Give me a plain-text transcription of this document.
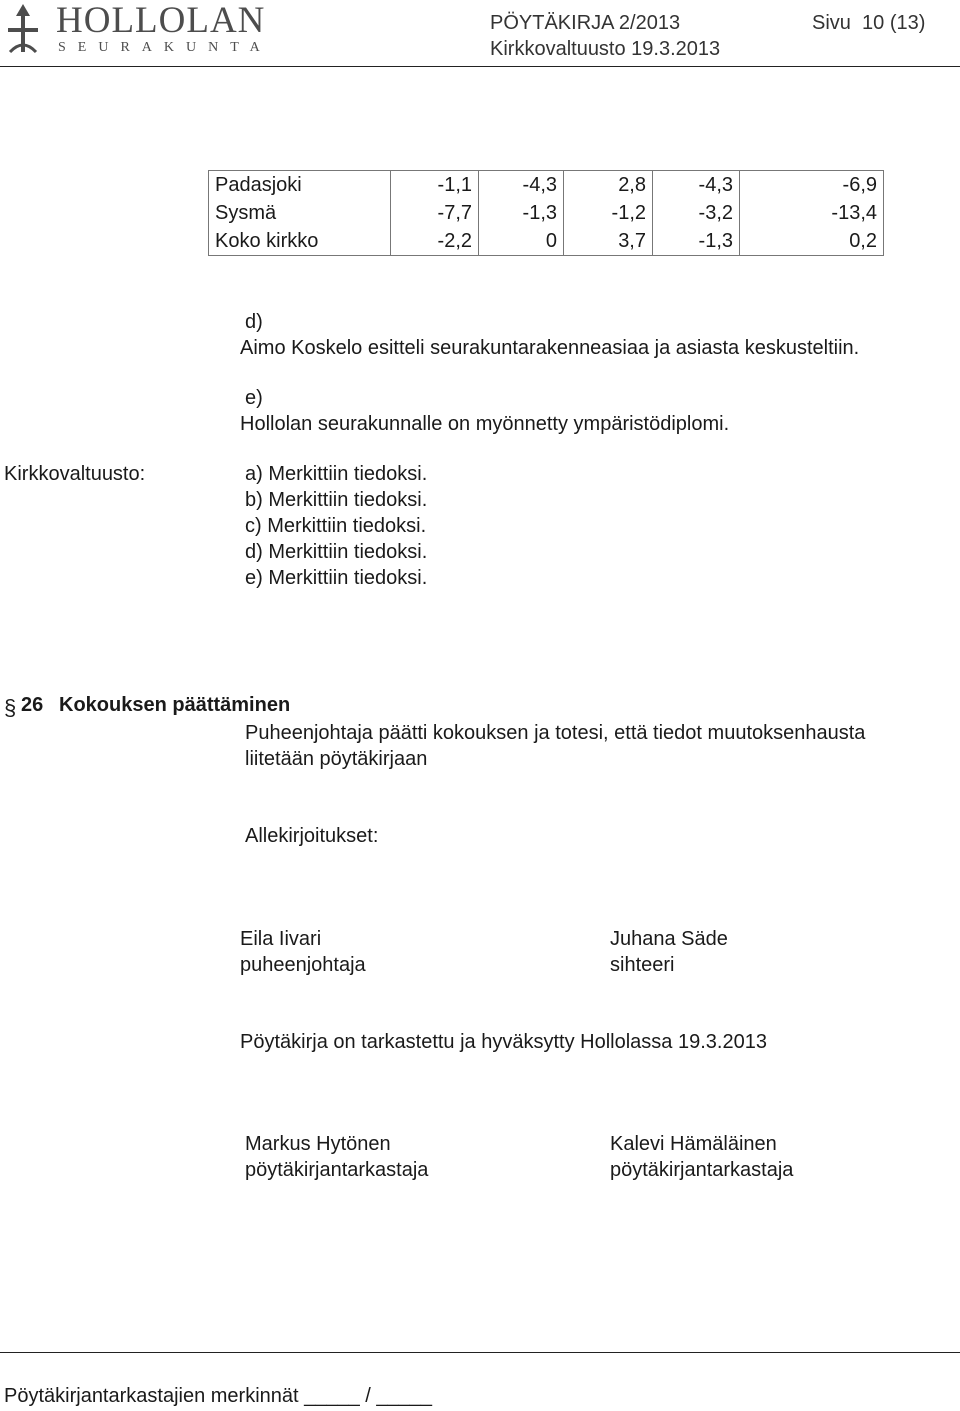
HOLLOLAN
SEURAKUNTA
PÖYTÄKIRJA 2/2013	Sivu  10 (13)
Kirkkovaltuusto 19.3.2013
Padasjoki	-1,1	-4,3	2,8	-4,3	-6,9
Sysmä	-7,7	-1,3	-1,2	-3,2	-13,4
Koko kirkko	-2,2	0	3,7	-1,3	0,2
d)
Aimo Koskelo esitteli seurakuntarakenneasiaa ja asiasta keskusteltiin.
e)
Hollolan seurakunnalle on myönnetty ympäristödiplomi.
Kirkkovaltuusto:	a) Merkittiin tiedoksi.
b) Merkittiin tiedoksi.
c) Merkittiin tiedoksi.
d) Merkittiin tiedoksi.
e) Merkittiin tiedoksi.
§ 26 Kokouksen päättäminen
Puheenjohtaja päätti kokouksen ja totesi, että tiedot muutoksenhausta
liitetään pöytäkirjaan
Allekirjoitukset:
Eila Iivari
puheenjohtaja
Juhana Säde
sihteeri
Pöytäkirja on tarkastettu ja hyväksytty Hollolassa 19.3.2013
Markus Hytönen
pöytäkirjantarkastaja
Kalevi Hämäläinen
pöytäkirjantarkastaja
Pöytäkirjantarkastajien merkinnät _____ / _____
